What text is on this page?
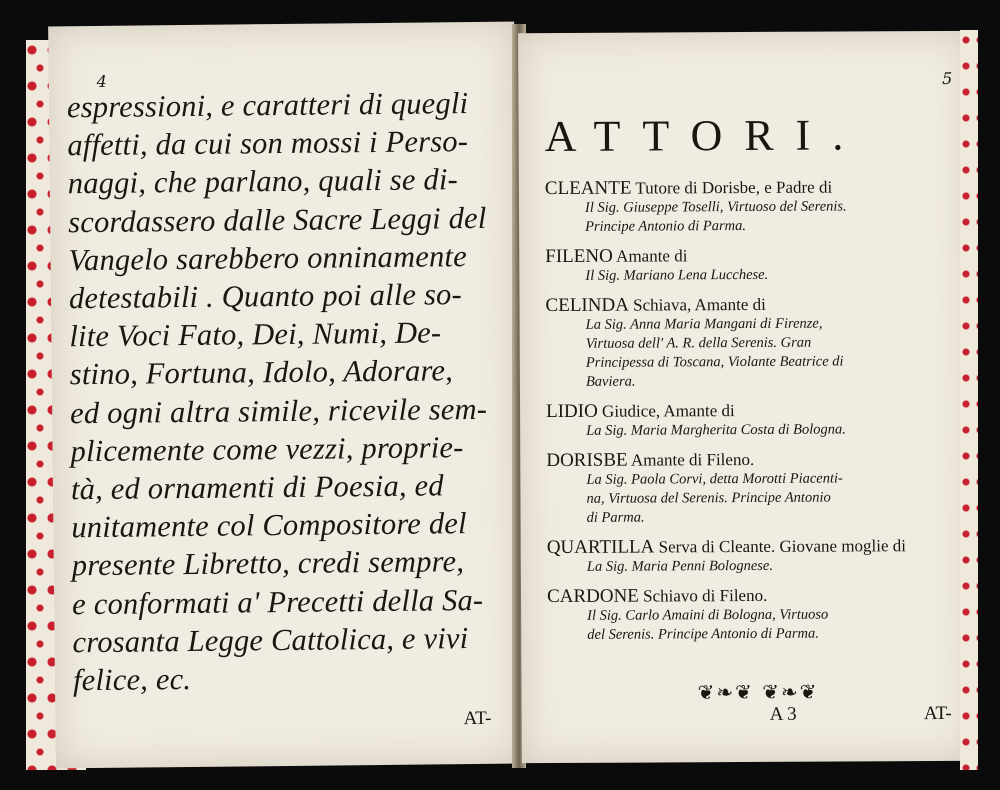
4

espressioni, e caratteri di quegli

affetti, da cui son mossi i Perso-

naggi, che parlano, quali se di-

scordassero dalle Sacre Leggi del

Vangelo sarebbero onninamente

detestabili . Quanto poi alle so-

lite Voci Fato, Dei, Numi, De-

stino, Fortuna, Idolo, Adorare,

ed ogni altra simile, ricevile sem-

plicemente come vezzi, proprie-

tà, ed ornamenti di Poesia, ed

unitamente col Compositore del

presente Libretto, credi sempre,

e conformati a' Precetti della Sa-

crosanta Legge Cattolica, e vivi

felice, ec.

AT-
5
ATTORI.
CLEANTE Tutore di Dorisbe, e Padre di
Il Sig. Giuseppe Toselli, Virtuoso del Serenis.
Principe Antonio di Parma.
FILENO Amante di
Il Sig. Mariano Lena Lucchese.
CELINDA Schiava, Amante di
La Sig. Anna Maria Mangani di Firenze,
Virtuosa dell' A. R. della Serenis. Gran
Principessa di Toscana, Violante Beatrice di
Baviera.
LIDIO Giudice, Amante di
La Sig. Maria Margherita Costa di Bologna.
DORISBE Amante di Fileno.
La Sig. Paola Corvi, detta Morotti Piacenti-
na, Virtuosa del Serenis. Principe Antonio
di Parma.
QUARTILLA Serva di Cleante. Giovane moglie di
La Sig. Maria Penni Bolognese.
CARDONE Schiavo di Fileno.
Il Sig. Carlo Amaini di Bologna, Virtuoso
del Serenis. Principe Antonio di Parma.
❦❧❦ ❦❧❦
A 3	AT-
